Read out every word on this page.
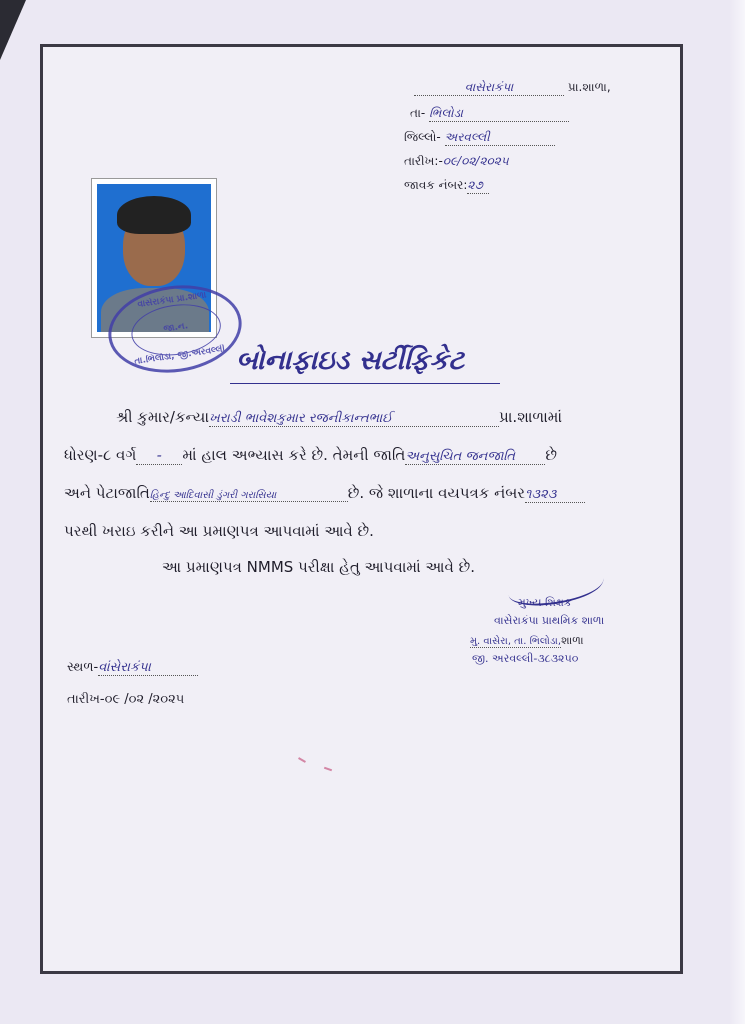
વાસેરાકંપા	પ્રા.શાળા,
તા- ભિલોડા
જિલ્લો- અરવલ્લી
તારીખ:-૦૯/૦૨/૨૦૨૫
જાવક નંબર:૨૭
વાસેરાકંપા પ્રા.શાળા
જા.ન.
તા.ભિલોડા, જી.અરવલ્લી બોનાફાઇડ સર્ટીફિકેટ
શ્રી કુમાર/કન્યાખરાડી ભાવેશકુમાર રજનીકાન્તભાઈ	પ્રા.શાળામાં
ધોરણ-૮ વર્ગ - માં હાલ અભ્યાસ કરે છે. તેમની જાતિઅનુસુચિત જનજાતિ છે
અને પેટાજાતિહિન્દુ આદિવાસી ડુંગરી ગરાસિયા	છે. જે શાળાના વયપત્રક નંબર૧૩૨૩
પરથી ખરાઇ કરીને આ પ્રમાણપત્ર આપવામાં આવે છે.
આ પ્રમાણપત્ર NMMS પરીક્ષા હેતુ આપવામાં આવે છે.
મુખ્ય શિક્ષક
વાસેરાકંપા પ્રાથમિક શાળા
મુ. વાસેરા, તા. ભિલોડા,શાળા
જી. અરવલ્લી-૩૮૩૨૫૦
સ્થળ-વાંસેરાકંપા
તારીખ-૦૯ /૦૨ /૨૦૨૫
